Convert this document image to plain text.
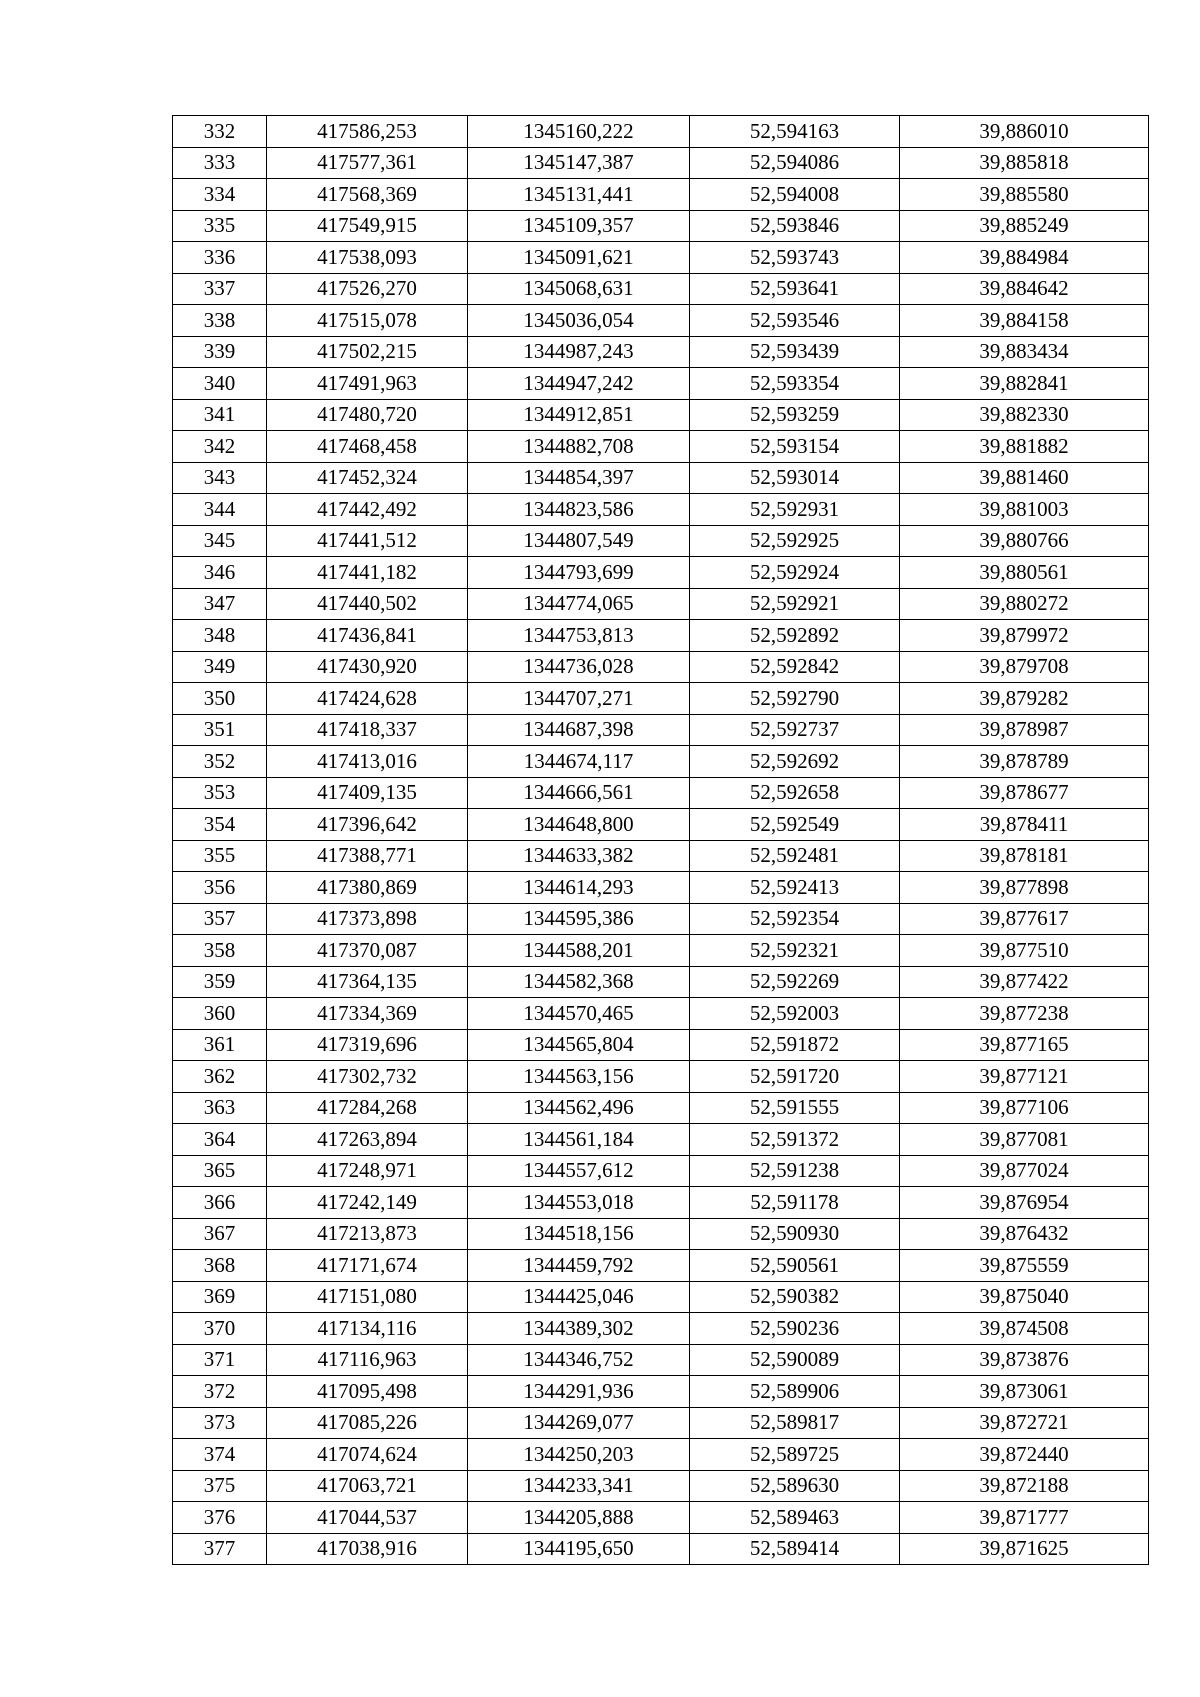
332	417586,253	1345160,222	52,594163	39,886010
333	417577,361	1345147,387	52,594086	39,885818
334	417568,369	1345131,441	52,594008	39,885580
335	417549,915	1345109,357	52,593846	39,885249
336	417538,093	1345091,621	52,593743	39,884984
337	417526,270	1345068,631	52,593641	39,884642
338	417515,078	1345036,054	52,593546	39,884158
339	417502,215	1344987,243	52,593439	39,883434
340	417491,963	1344947,242	52,593354	39,882841
341	417480,720	1344912,851	52,593259	39,882330
342	417468,458	1344882,708	52,593154	39,881882
343	417452,324	1344854,397	52,593014	39,881460
344	417442,492	1344823,586	52,592931	39,881003
345	417441,512	1344807,549	52,592925	39,880766
346	417441,182	1344793,699	52,592924	39,880561
347	417440,502	1344774,065	52,592921	39,880272
348	417436,841	1344753,813	52,592892	39,879972
349	417430,920	1344736,028	52,592842	39,879708
350	417424,628	1344707,271	52,592790	39,879282
351	417418,337	1344687,398	52,592737	39,878987
352	417413,016	1344674,117	52,592692	39,878789
353	417409,135	1344666,561	52,592658	39,878677
354	417396,642	1344648,800	52,592549	39,878411
355	417388,771	1344633,382	52,592481	39,878181
356	417380,869	1344614,293	52,592413	39,877898
357	417373,898	1344595,386	52,592354	39,877617
358	417370,087	1344588,201	52,592321	39,877510
359	417364,135	1344582,368	52,592269	39,877422
360	417334,369	1344570,465	52,592003	39,877238
361	417319,696	1344565,804	52,591872	39,877165
362	417302,732	1344563,156	52,591720	39,877121
363	417284,268	1344562,496	52,591555	39,877106
364	417263,894	1344561,184	52,591372	39,877081
365	417248,971	1344557,612	52,591238	39,877024
366	417242,149	1344553,018	52,591178	39,876954
367	417213,873	1344518,156	52,590930	39,876432
368	417171,674	1344459,792	52,590561	39,875559
369	417151,080	1344425,046	52,590382	39,875040
370	417134,116	1344389,302	52,590236	39,874508
371	417116,963	1344346,752	52,590089	39,873876
372	417095,498	1344291,936	52,589906	39,873061
373	417085,226	1344269,077	52,589817	39,872721
374	417074,624	1344250,203	52,589725	39,872440
375	417063,721	1344233,341	52,589630	39,872188
376	417044,537	1344205,888	52,589463	39,871777
377	417038,916	1344195,650	52,589414	39,871625
